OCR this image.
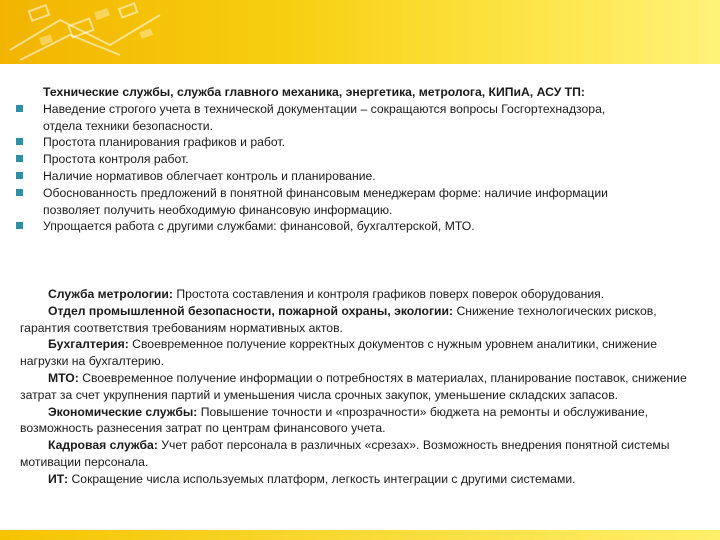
Технические службы, служба главного механика, энергетика, метролога, КИПиА, АСУ ТП:
Наведение строгого учета в технической документации – сокращаются вопросы Госгортехнадзора,
отдела техники безопасности.
Простота планирования графиков и работ.
Простота контроля работ.
Наличие нормативов облегчает контроль и планирование.
Обоснованность предложений в понятной финансовым менеджерам форме: наличие информации
позволяет получить необходимую финансовую информацию.
Упрощается работа с другими службами: финансовой, бухгалтерской, МТО.

Служба метрологии: Простота составления и контроля графиков поверх поверок оборудования.

Отдел промышленной безопасности, пожарной охраны, экологии: Снижение технологических рисков, гарантия соответствия требованиям нормативных актов.

Бухгалтерия: Своевременное получение корректных документов с нужным уровнем аналитики, снижение нагрузки на бухгалтерию.

МТО: Своевременное получение информации о потребностях в материалах, планирование поставок, снижение затрат за счет укрупнения партий и уменьшения числа срочных закупок, уменьшение складских запасов.

Экономические службы: Повышение точности и «прозрачности» бюджета на ремонты и обслуживание, возможность разнесения затрат по центрам финансового учета.

Кадровая служба: Учет работ персонала в различных «срезах». Возможность внедрения понятной системы мотивации персонала.

ИТ: Сокращение числа используемых платформ, легкость интеграции с другими системами.
